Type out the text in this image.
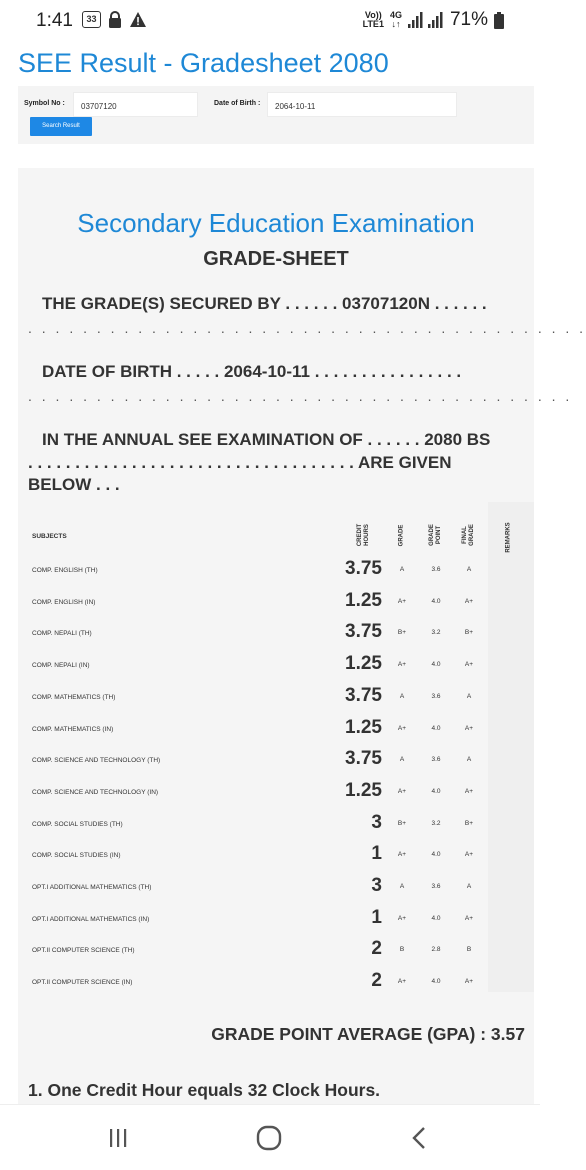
1:41	33	Vo))
LTE1
4G
↓↑	71%
SEE Result - Gradesheet 2080
Symbol No :	03707120	Date of Birth :	2064-10-11
Search Result
Secondary Education Examination
GRADE-SHEET
THE GRADE(S) SECURED BY . . . . . . 03707120N . . . . . .
. . . . . . . . . . . . . . . . . . . . . . . . . . . . . . . . . . . . . . . . .
DATE OF BIRTH . . . . . 2064-10-11 . . . . . . . . . . . . . . . .
. . . . . . . . . . . . . . . . . . . . . . . . . . . . . . . . . . . . . . . .
IN THE ANNUAL SEE EXAMINATION OF . . . . . . 2080 BS
. . . . . . . . . . . . . . . . . . . . . . . . . . . . . . . . . . . ARE GIVEN
BELOW . . .
SUBJECTS	CREDIT HOURS	GRADE	GRADE POINT	FINAL GRADE	REMARKS
COMP. ENGLISH (TH)	3.75	A	3.6	A
COMP. ENGLISH (IN)	1.25	A+	4.0	A+
COMP. NEPALI (TH)	3.75	B+	3.2	B+
COMP. NEPALI (IN)	1.25	A+	4.0	A+
COMP. MATHEMATICS (TH)	3.75	A	3.6	A
COMP. MATHEMATICS (IN)	1.25	A+	4.0	A+
COMP. SCIENCE AND TECHNOLOGY (TH)	3.75	A	3.6	A
COMP. SCIENCE AND TECHNOLOGY (IN)	1.25	A+	4.0	A+
COMP. SOCIAL STUDIES (TH)	3	B+	3.2	B+
COMP. SOCIAL STUDIES (IN)	1	A+	4.0	A+
OPT.I ADDITIONAL MATHEMATICS (TH)	3	A	3.6	A
OPT.I ADDITIONAL MATHEMATICS (IN)	1	A+	4.0	A+
OPT.II COMPUTER SCIENCE (TH)	2	B	2.8	B
OPT.II COMPUTER SCIENCE (IN)	2	A+	4.0	A+
GRADE POINT AVERAGE (GPA) : 3.57
1. One Credit Hour equals 32 Clock Hours.
